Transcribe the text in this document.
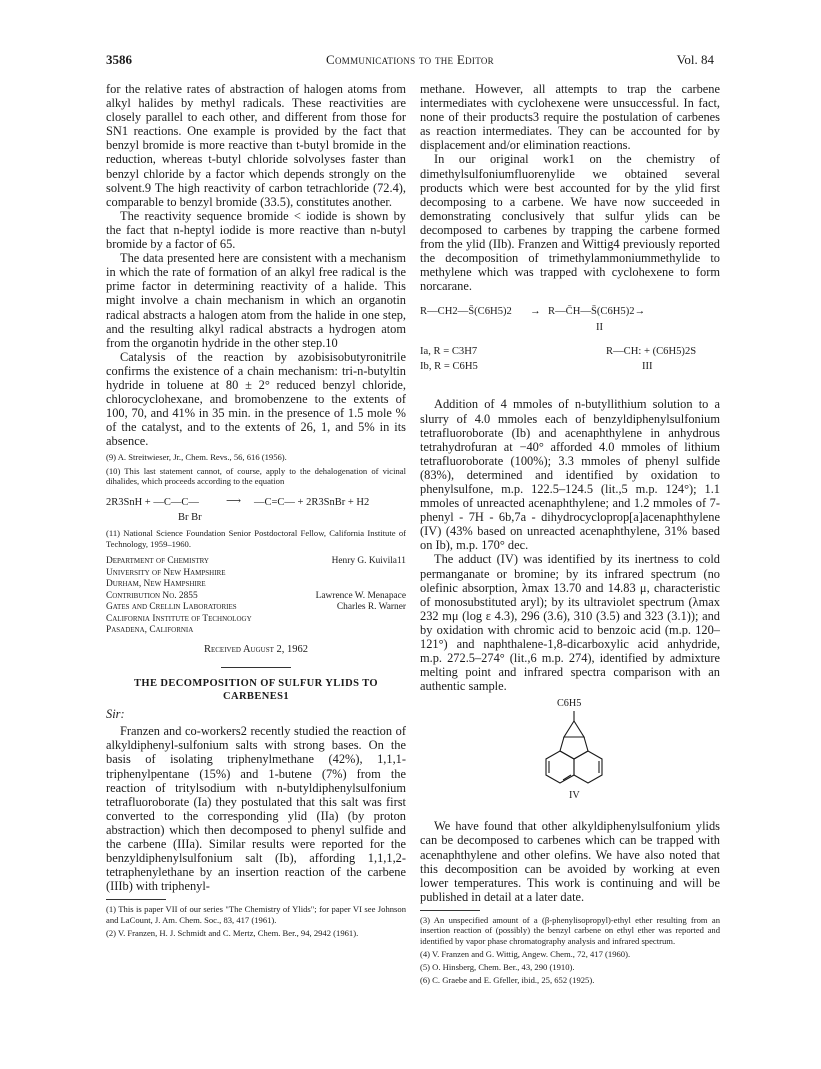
3586	Communications to the Editor	Vol. 84

for the relative rates of abstraction of halogen atoms from alkyl halides by methyl radicals. These reactivities are closely parallel to each other, and different from those for SN1 reactions. One example is provided by the fact that benzyl bromide is more reactive than t-butyl bromide in the reduction, whereas t-butyl chloride solvolyses faster than benzyl chloride by a factor which depends strongly on the solvent.9 The high reactivity of carbon tetrachloride (72.4), comparable to benzyl bromide (33.5), constitutes another.

The reactivity sequence bromide < iodide is shown by the fact that n-heptyl iodide is more reactive than n-butyl bromide by a factor of 65.

The data presented here are consistent with a mechanism in which the rate of formation of an alkyl free radical is the prime factor in determining reactivity of a halide. This might involve a chain mechanism in which an organotin radical abstracts a halogen atom from the halide in one step, and the resulting alkyl radical abstracts a hydrogen atom from the organotin hydride in the other step.10

Catalysis of the reaction by azobisisobutyronitrile confirms the existence of a chain mechanism: tri-n-butyltin hydride in toluene at 80 ± 2° reduced benzyl chloride, chlorocyclohexane, and bromobenzene to the extents of 100, 70, and 41% in 35 min. in the presence of 1.5 mole % of the catalyst, and to the extents of 26, 1, and 5% in its absence.

(9) A. Streitwieser, Jr., Chem. Revs., 56, 616 (1956).
(10) This last statement cannot, of course, apply to the dehalogenation of vicinal dihalides, which proceeds according to the equation
2R3SnH + —C—C—	⟶ —C=C— + 2R3SnBr + H2
Br Br
(11) National Science Foundation Senior Postdoctoral Fellow, California Institute of Technology, 1959–1960.
Department of Chemistry	Henry G. Kuivila11
University of New Hampshire
Durham, New Hampshire
Contribution No. 2855	Lawrence W. Menapace
Gates and Crellin Laboratories	Charles R. Warner
California Institute of Technology
Pasadena, California
Received August 2, 1962
THE DECOMPOSITION OF SULFUR YLIDS TO CARBENES1
Sir:

Franzen and co-workers2 recently studied the reaction of alkyldiphenyl-sulfonium salts with strong bases. On the basis of isolating triphenylmethane (42%), 1,1,1-triphenylpentane (15%) and 1-butene (7%) from the reaction of tritylsodium with n-butyldiphenylsulfonium tetrafluoroborate (Ia) they postulated that this salt was first converted to the corresponding ylid (IIa) (by proton abstraction) which then decomposed to phenyl sulfide and the carbene (IIIa). Similar results were reported for the benzyldiphenylsulfonium salt (Ib), affording 1,1,1,2-tetraphenylethane by an insertion reaction of the carbene (IIIb) with triphenyl-

(1) This is paper VII of our series "The Chemistry of Ylids"; for paper VI see Johnson and LaCount, J. Am. Chem. Soc., 83, 417 (1961).
(2) V. Franzen, H. J. Schmidt and C. Mertz, Chem. Ber., 94, 2942 (1961).

methane. However, all attempts to trap the carbene intermediates with cyclohexene were unsuccessful. In fact, none of their products3 require the postulation of carbenes as reaction intermediates. They can be accounted for by displacement and/or elimination reactions.

In our original work1 on the chemistry of dimethylsulfoniumfluorenylide we obtained several products which were best accounted for by the ylid first decomposing to a carbene. We have now succeeded in demonstrating conclusively that sulfur ylids can be decomposed to carbenes by trapping the carbene formed from the ylid (IIb). Franzen and Wittig4 previously reported the decomposition of trimethylammoniummethylide to methylene which was trapped with cyclohexene to form norcarane.

R—CH2—S̄(C6H5)2 → R—C̄H—S̄(C6H5)2→
II
Ia, R = C3H7
Ib, R = C6H5
R—CH: + (C6H5)2S
III

Addition of 4 mmoles of n-butyllithium solution to a slurry of 4.0 mmoles each of benzyldiphenylsulfonium tetrafluoroborate (Ib) and acenaphthylene in anhydrous tetrahydrofuran at −40° afforded 4.0 mmoles of lithium tetrafluoroborate (100%); 3.3 mmoles of phenyl sulfide (83%), determined and identified by oxidation to phenylsulfone, m.p. 122.5–124.5 (lit.,5 m.p. 124°); 1.1 mmoles of unreacted acenaphthylene; and 1.2 mmoles of 7-phenyl - 7H - 6b,7a - dihydrocycloprop[a]acenaphthylene (IV) (43% based on unreacted acenaphthylene, 31% based on Ib), m.p. 170° dec.

The adduct (IV) was identified by its inertness to cold permanganate or bromine; by its infrared spectrum (no olefinic absorption, λmax 13.70 and 14.83 μ, characteristic of monosubstituted aryl); by its ultraviolet spectrum (λmax 232 mμ (log ε 4.3), 296 (3.6), 310 (3.5) and 323 (3.1)); and by oxidation with chromic acid to benzoic acid (m.p. 120–121°) and naphthalene-1,8-dicarboxylic acid anhydride, m.p. 272.5–274° (lit.,6 m.p. 274), identified by admixture melting point and infrared spectra comparison with an authentic sample.

C6H5
IV

We have found that other alkyldiphenylsulfonium ylids can be decomposed to carbenes which can be trapped with acenaphthylene and other olefins. We have also noted that this decomposition can be avoided by working at even lower temperatures. This work is continuing and will be published in detail at a later date.

(3) An unspecified amount of a (β-phenylisopropyl)-ethyl ether resulting from an insertion reaction of (possibly) the benzyl carbene on ethyl ether was reported and identified by vapor phase chromatography analysis and infrared spectrum.
(4) V. Franzen and G. Wittig, Angew. Chem., 72, 417 (1960).
(5) O. Hinsberg, Chem. Ber., 43, 290 (1910).
(6) C. Graebe and E. Gfeller, ibid., 25, 652 (1925).
